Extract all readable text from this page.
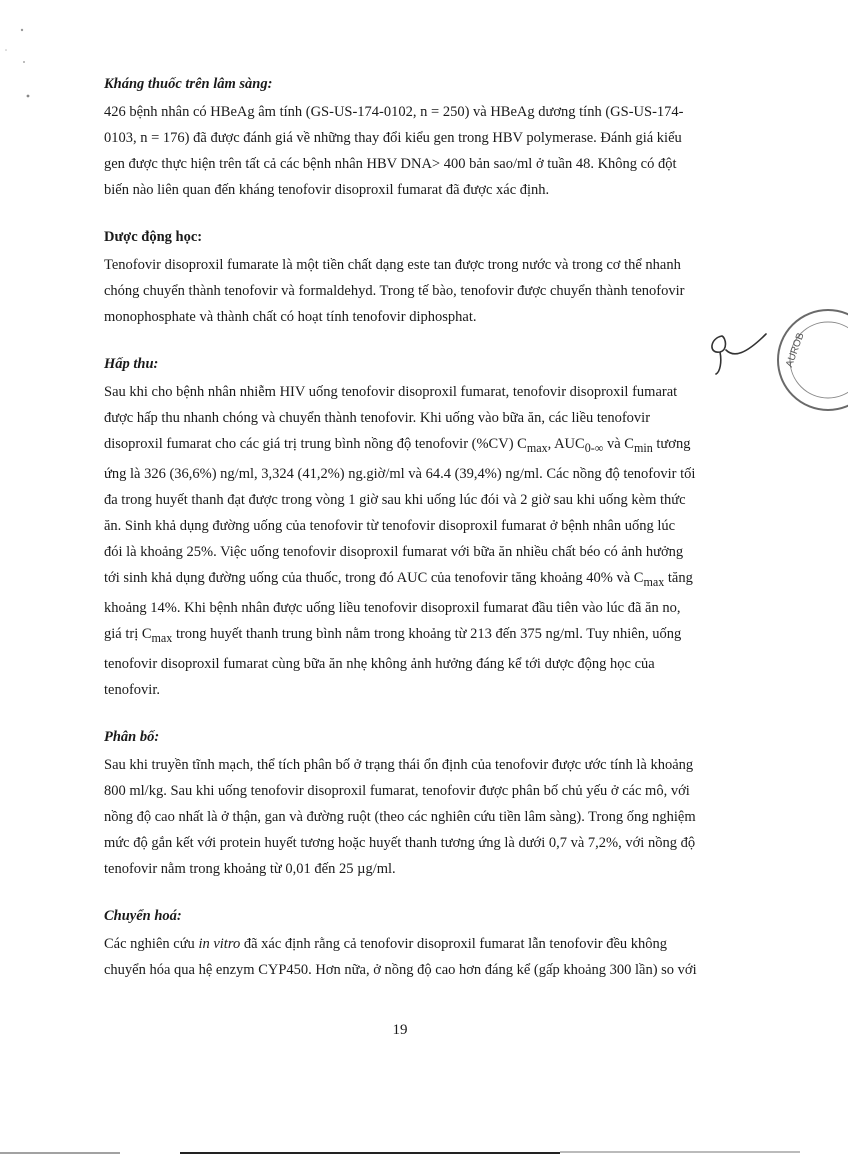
Kháng thuốc trên lâm sàng:
426 bệnh nhân có HBeAg âm tính (GS-US-174-0102, n = 250) và HBeAg dương tính (GS-US-174-
0103, n = 176) đã được đánh giá về những thay đổi kiểu gen trong HBV polymerase. Đánh giá kiểu
gen được thực hiện trên tất cả các bệnh nhân HBV DNA> 400 bản sao/ml ở tuần 48. Không có đột
biến nào liên quan đến kháng tenofovir disoproxil fumarat đã được xác định.
Dược động học:
Tenofovir disoproxil fumarate là một tiền chất dạng este tan được trong nước và trong cơ thể nhanh
chóng chuyển thành tenofovir và formaldehyd. Trong tế bào, tenofovir được chuyển thành tenofovir
monophosphate và thành chất có hoạt tính tenofovir diphosphat.
Hấp thu:
Sau khi cho bệnh nhân nhiễm HIV uống tenofovir disoproxil fumarat, tenofovir disoproxil fumarat
được hấp thu nhanh chóng và chuyển thành tenofovir. Khi uống vào bữa ăn, các liều tenofovir
disoproxil fumarat cho các giá trị trung bình nồng độ tenofovir (%CV) $C_{max}$, $AUC_{0-\infty}$ và $C_{min}$ tương
ứng là 326 (36,6%) ng/ml, 3,324 (41,2%) ng.giờ/ml và 64.4 (39,4%) ng/ml. Các nồng độ tenofovir tối
đa trong huyết thanh đạt được trong vòng 1 giờ sau khi uống lúc đói và 2 giờ sau khi uống kèm thức
ăn. Sinh khả dụng đường uống của tenofovir từ tenofovir disoproxil fumarat ở bệnh nhân uống lúc
đói là khoảng 25%. Việc uống tenofovir disoproxil fumarat với bữa ăn nhiều chất béo có ảnh hưởng
tới sinh khả dụng đường uống của thuốc, trong đó AUC của tenofovir tăng khoảng 40% và $C_{max}$ tăng
khoảng 14%. Khi bệnh nhân được uống liều tenofovir disoproxil fumarat đầu tiên vào lúc đã ăn no,
giá trị $C_{max}$ trong huyết thanh trung bình nằm trong khoảng từ 213 đến 375 ng/ml. Tuy nhiên, uống
tenofovir disoproxil fumarat cùng bữa ăn nhẹ không ảnh hưởng đáng kể tới dược động học của
tenofovir.
Phân bố:
Sau khi truyền tĩnh mạch, thể tích phân bố ở trạng thái ổn định của tenofovir được ước tính là khoảng
800 ml/kg. Sau khi uống tenofovir disoproxil fumarat, tenofovir được phân bố chủ yếu ở các mô, với
nồng độ cao nhất là ở thận, gan và đường ruột (theo các nghiên cứu tiền lâm sàng). Trong ống nghiệm
mức độ gắn kết với protein huyết tương hoặc huyết thanh tương ứng là dưới 0,7 và 7,2%, với nồng độ
tenofovir nằm trong khoảng từ 0,01 đến 25 µg/ml.
Chuyển hoá:
Các nghiên cứu in vitro đã xác định rằng cả tenofovir disoproxil fumarat lẫn tenofovir đều không
chuyển hóa qua hệ enzym CYP450. Hơn nữa, ở nồng độ cao hơn đáng kể (gấp khoảng 300 lần) so với
19
AUROB
